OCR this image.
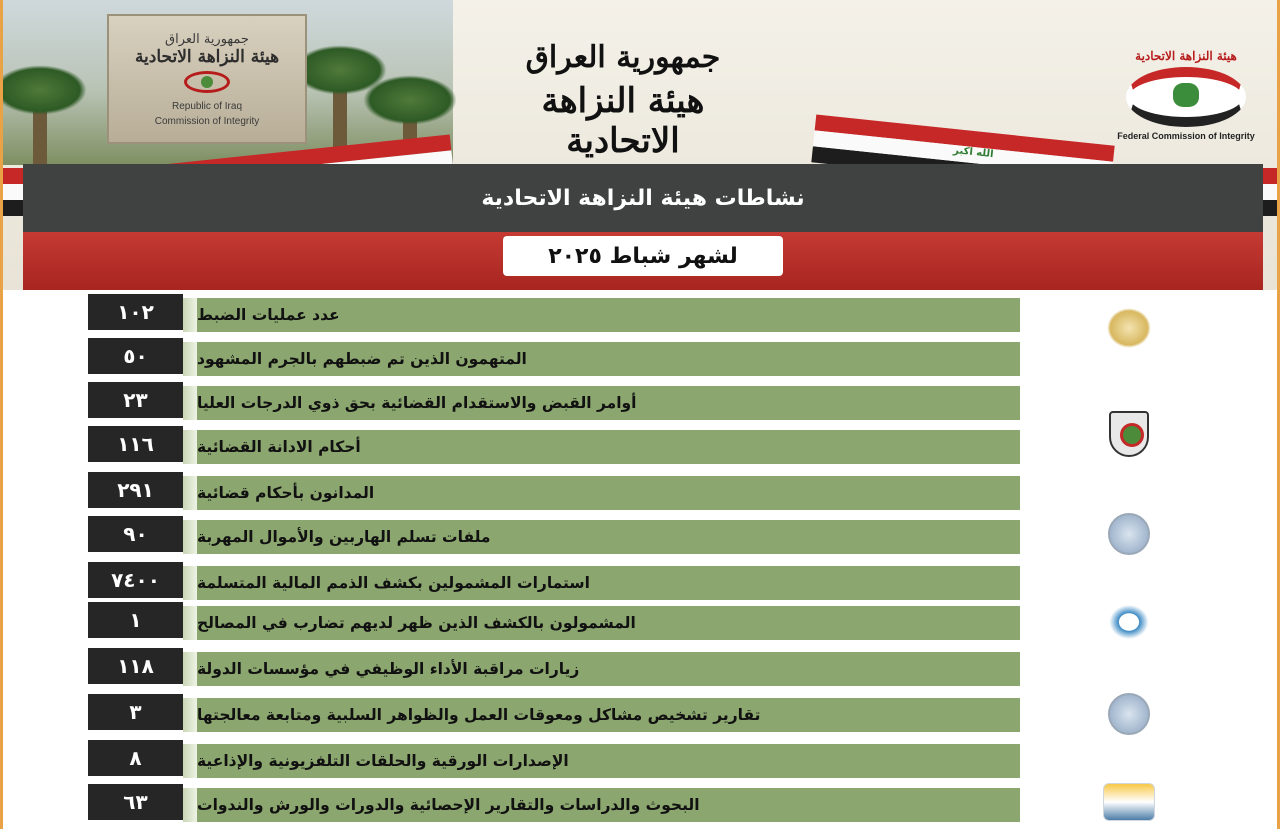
جمهورية العراق
هيئة النزاهة الاتحادية
Republic of Iraq
Commission of Integrity
جمهورية العراق
هيئة النزاهة الاتحادية
هيئة النزاهة الاتحادية
Federal Commission of Integrity
الله اكبر
نشاطات هيئة النزاهة الاتحادية
لشهر شباط ٢٠٢٥
١٠٢	عدد عمليات الضبط
٥٠	المتهمون الذين تم ضبطهم بالجرم المشهود
٢٣	أوامر القبض والاستقدام القضائية بحق ذوي الدرجات العليا
١١٦	أحكام الادانة القضائية
٢٩١	المدانون بأحكام قضائية
٩٠	ملفات تسلم الهاربين والأموال المهربة
٧٤٠٠	استمارات المشمولين بكشف الذمم المالية المتسلمة
١	المشمولون بالكشف الذين ظهر لديهم تضارب في المصالح
١١٨	زيارات مراقبة الأداء الوظيفي في مؤسسات الدولة
٣	تقارير تشخيص مشاكل ومعوقات العمل والظواهر السلبية ومتابعة معالجتها
٨	الإصدارات الورقية والحلقات التلفزيونية والإذاعية
٦٣	البحوث والدراسات والتقارير الإحصائية والدورات والورش والندوات
